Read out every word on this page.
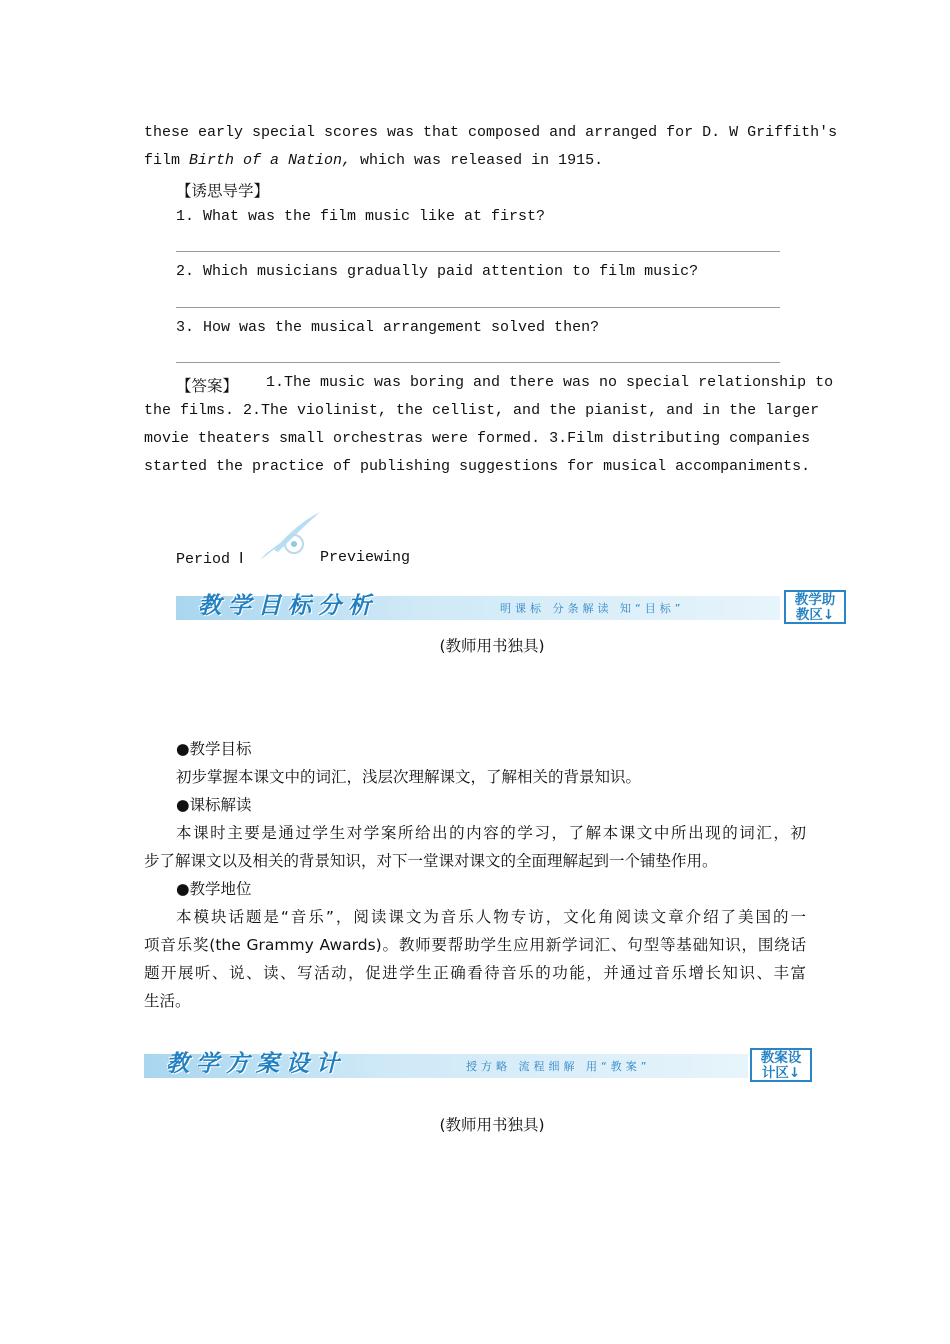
these early special scores was that composed and arranged for D. W Griffith's
film Birth of a Nation, which was released in 1915.
【诱思导学】
1. What was the film music like at first?
2. Which musicians gradually paid attention to film music?
3. How was the musical arrangement solved then?
【答案】 1.The music was boring and there was no special relationship to
the films. 2.The violinist, the cellist, and the pianist, and in the larger
movie theaters small orchestras were formed. 3.Film distributing companies
started the practice of publishing suggestions for musical accompaniments.
Period Ⅰ	Previewing
教学目标分析	明课标 分条解读 知“目标”
教学助
教区↓
(教师用书独具)
●教学目标
初步掌握本课文中的词汇，浅层次理解课文，了解相关的背景知识。
●课标解读
本课时主要是通过学生对学案所给出的内容的学习，了解本课文中所出现的词汇，初
步了解课文以及相关的背景知识，对下一堂课对课文的全面理解起到一个铺垫作用。
●教学地位
本模块话题是“音乐”，阅读课文为音乐人物专访，文化角阅读文章介绍了美国的一
项音乐奖(the Grammy Awards)。教师要帮助学生应用新学词汇、句型等基础知识，围绕话
题开展听、说、读、写活动，促进学生正确看待音乐的功能，并通过音乐增长知识、丰富
生活。
教学方案设计	授方略 流程细解 用“教案”
教案设
计区↓
(教师用书独具)
